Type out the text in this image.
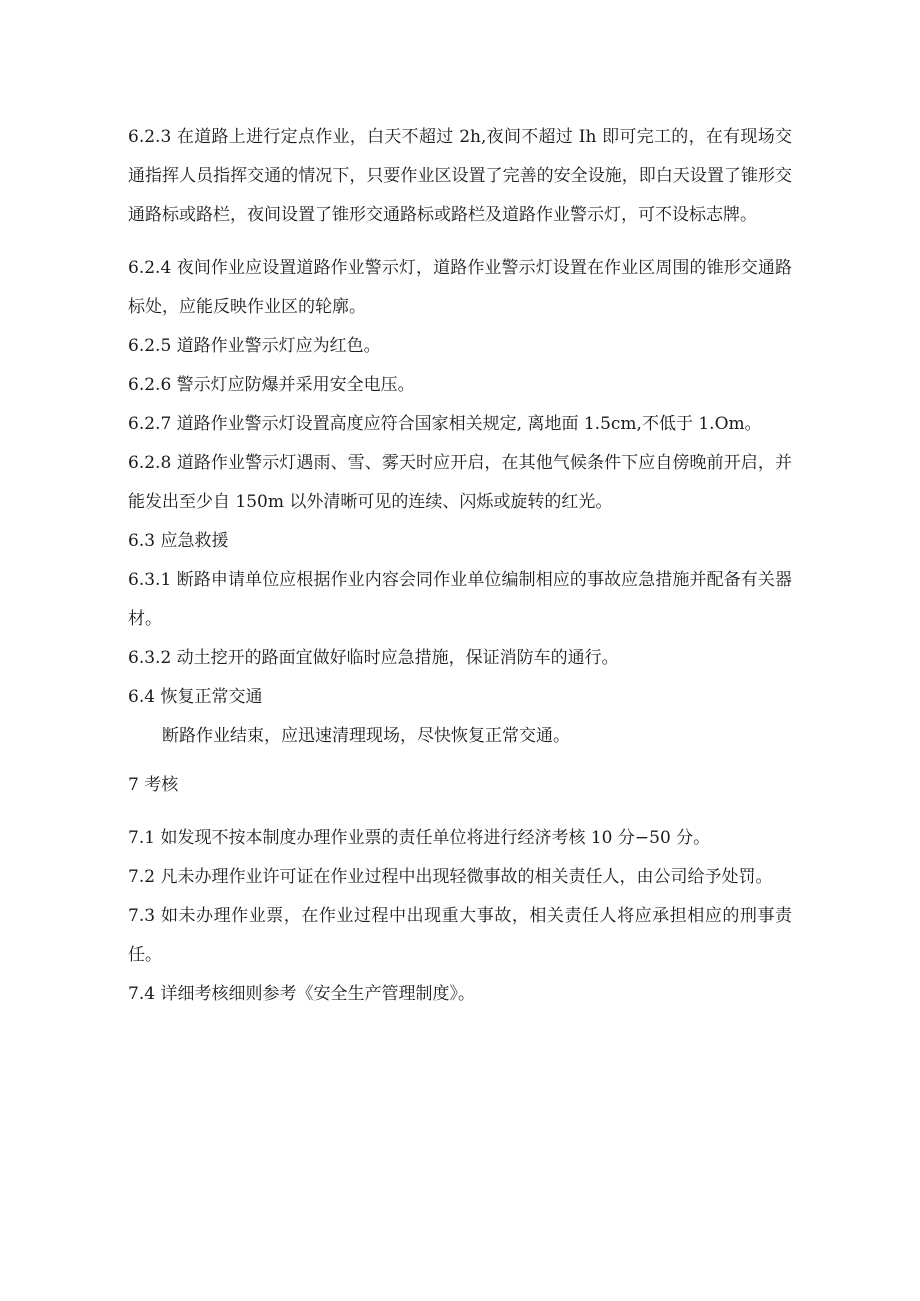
6.2.3 在道路上进行定点作业，白天不超过 2h,夜间不超过 Ih 即可完工的，在有现场交通指挥人员指挥交通的情况下，只要作业区设置了完善的安全设施，即白天设置了锥形交通路标或路栏，夜间设置了锥形交通路标或路栏及道路作业警示灯，可不设标志牌。

6.2.4 夜间作业应设置道路作业警示灯，道路作业警示灯设置在作业区周围的锥形交通路标处，应能反映作业区的轮廓。

6.2.5 道路作业警示灯应为红色。

6.2.6 警示灯应防爆并采用安全电压。

6.2.7 道路作业警示灯设置高度应符合国家相关规定, 离地面 1.5cm,不低于 1.Om。

6.2.8 道路作业警示灯遇雨、雪、雾天时应开启，在其他气候条件下应自傍晚前开启，并能发出至少自 150m 以外清晰可见的连续、闪烁或旋转的红光。

6.3 应急救援

6.3.1 断路申请单位应根据作业内容会同作业单位编制相应的事故应急措施并配备有关器材。

6.3.2 动土挖开的路面宜做好临时应急措施，保证消防车的通行。

6.4 恢复正常交通

断路作业结束，应迅速清理现场，尽快恢复正常交通。

7 考核

7.1 如发现不按本制度办理作业票的责任单位将进行经济考核 10 分−50 分。

7.2 凡未办理作业许可证在作业过程中出现轻微事故的相关责任人，由公司给予处罚。

7.3 如未办理作业票，在作业过程中出现重大事故，相关责任人将应承担相应的刑事责任。

7.4 详细考核细则参考《安全生产管理制度》。
